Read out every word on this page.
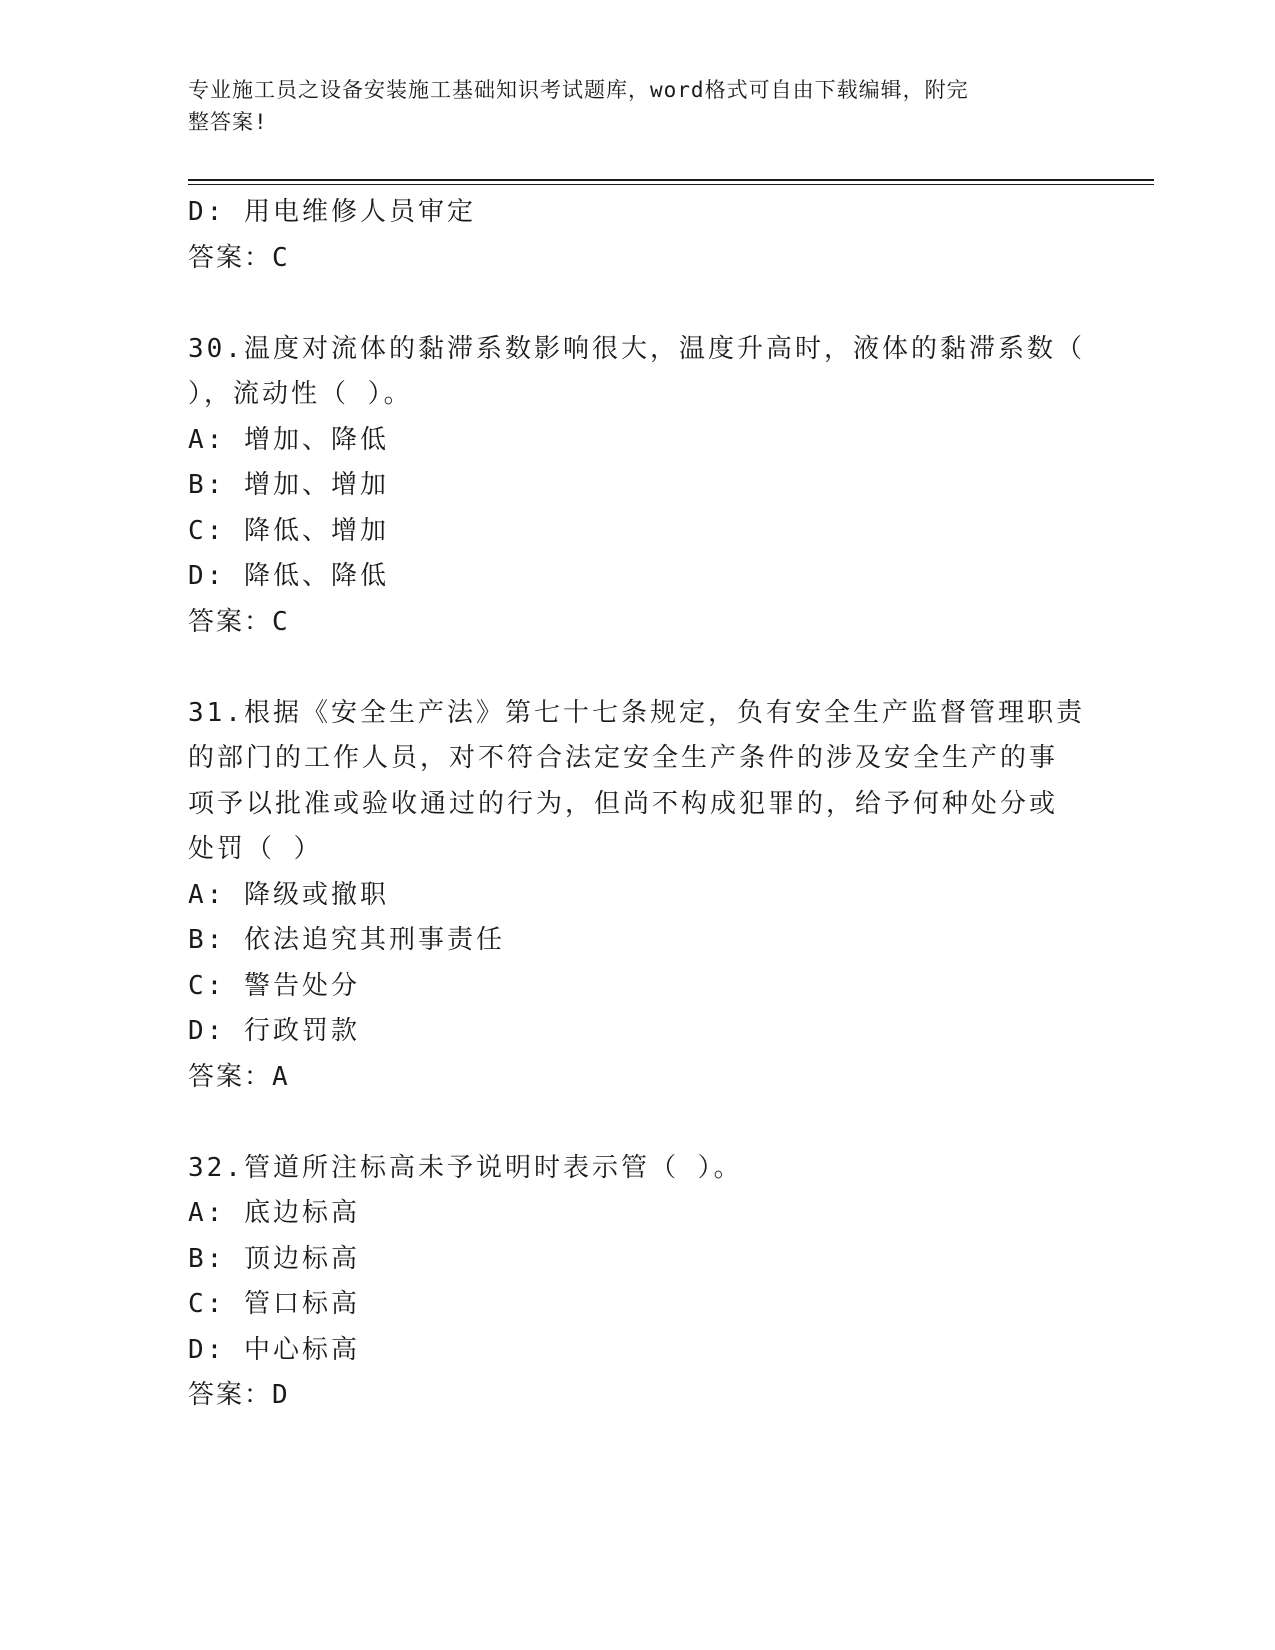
专业施工员之设备安装施工基础知识考试题库，word格式可自由下载编辑，附完
整答案!
D: 用电维修人员审定
答案：C
30.温度对流体的黏滞系数影响很大，温度升高时，液体的黏滞系数（
），流动性（ ）。
A: 增加、降低
B: 增加、增加
C: 降低、增加
D: 降低、降低
答案：C
31.根据《安全生产法》第七十七条规定，负有安全生产监督管理职责
的部门的工作人员，对不符合法定安全生产条件的涉及安全生产的事
项予以批准或验收通过的行为，但尚不构成犯罪的，给予何种处分或
处罚（ ）
A: 降级或撤职
B: 依法追究其刑事责任
C: 警告处分
D: 行政罚款
答案：A
32.管道所注标高未予说明时表示管（ ）。
A: 底边标高
B: 顶边标高
C: 管口标高
D: 中心标高
答案：D
